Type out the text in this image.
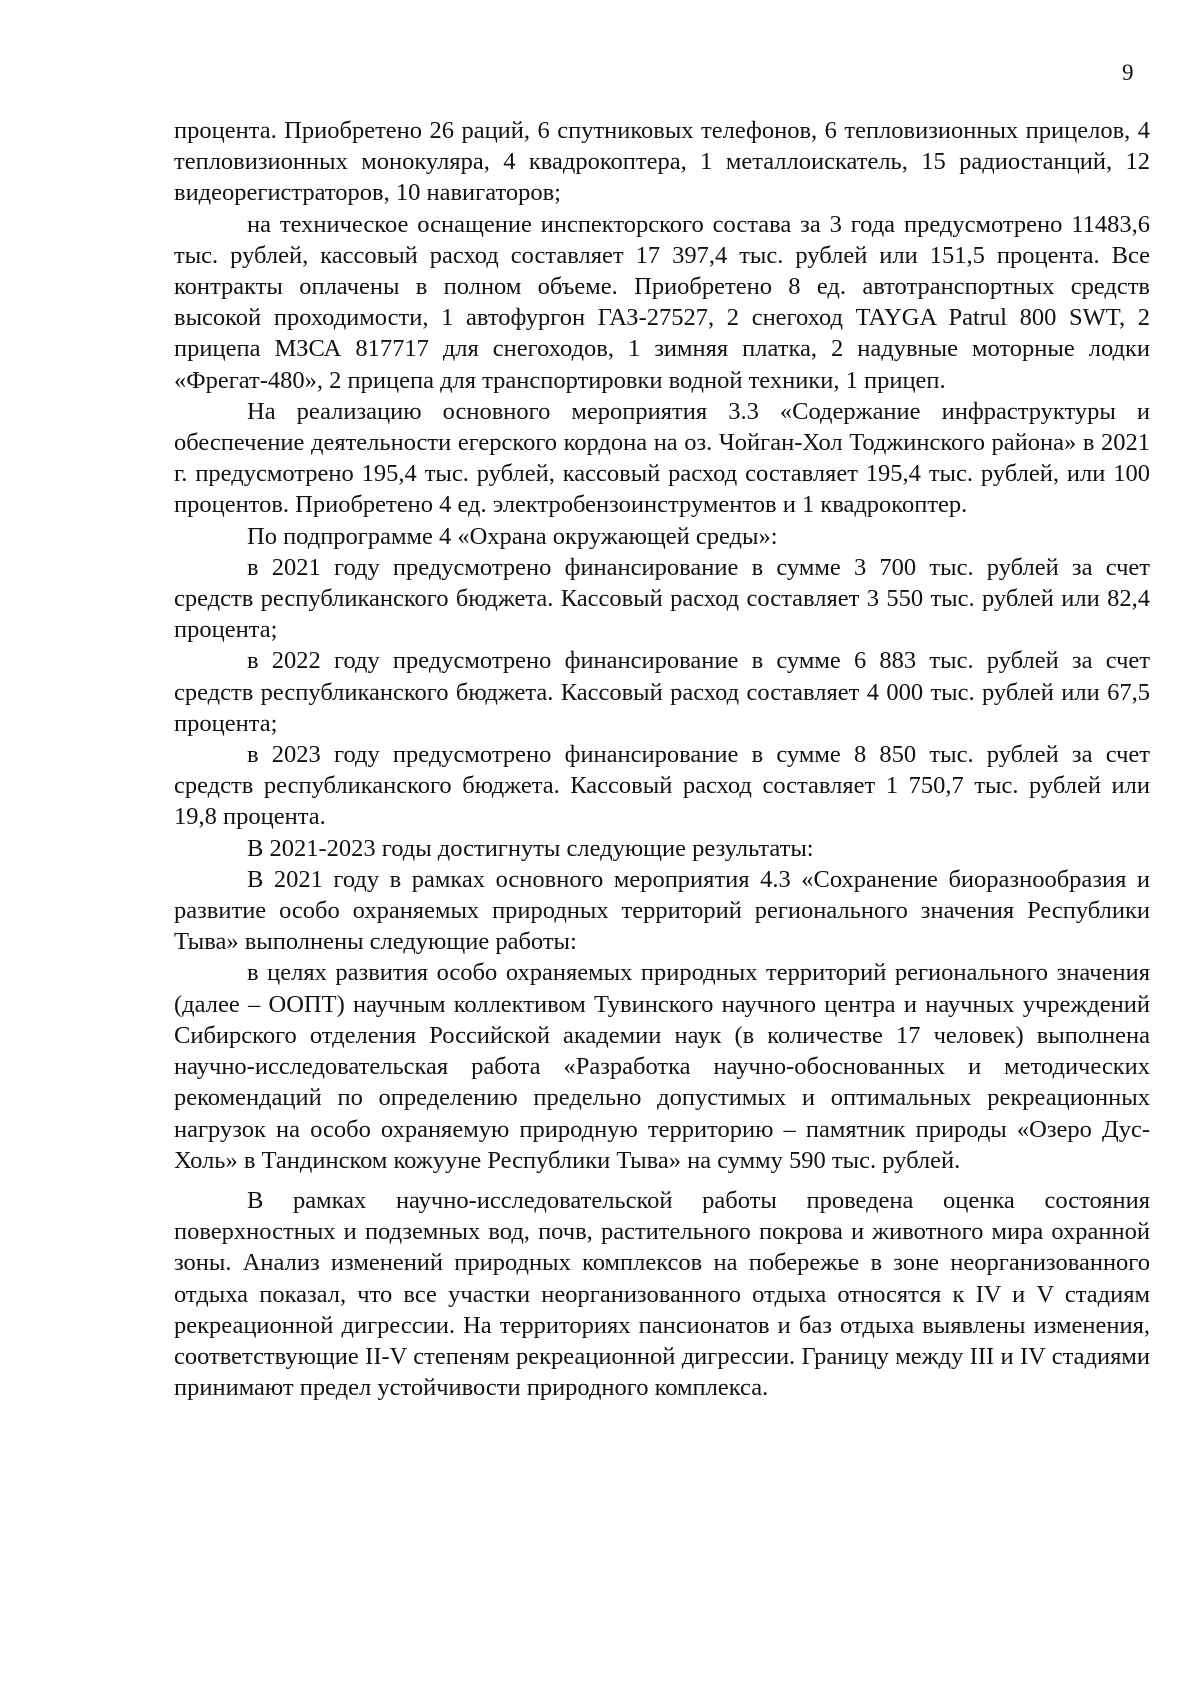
9

процента. Приобретено 26 раций, 6 спутниковых телефонов, 6 тепловизионных прицелов, 4 тепловизионных монокуляра, 4 квадрокоптера, 1 металлоискатель, 15 радиостанций, 12 видеорегистраторов, 10 навигаторов;

на техническое оснащение инспекторского состава за 3 года предусмотрено 11483,6 тыс. рублей, кассовый расход составляет 17 397,4 тыс. рублей или 151,5 процента. Все контракты оплачены в полном объеме. Приобретено 8 ед. автотранспортных средств высокой проходимости, 1 автофургон ГАЗ-27527, 2 снегоход TAYGA Patrul 800 SWT, 2 прицепа МЗСА 817717 для снегоходов, 1 зимняя платка, 2 надувные моторные лодки «Фрегат-480», 2 прицепа для транспортировки водной техники, 1 прицеп.

На реализацию основного мероприятия 3.3 «Содержание инфраструктуры и обеспечение деятельности егерского кордона на оз. Чойган-Хол Тоджинского района» в 2021 г. предусмотрено 195,4 тыс. рублей, кассовый расход составляет 195,4 тыс. рублей, или 100 процентов. Приобретено 4 ед. электробензоинструментов и 1 квадрокоптер.

По подпрограмме 4 «Охрана окружающей среды»:

в 2021 году предусмотрено финансирование в сумме 3 700 тыс. рублей за счет средств республиканского бюджета. Кассовый расход составляет 3 550 тыс. рублей или 82,4 процента;

в 2022 году предусмотрено финансирование в сумме 6 883 тыс. рублей за счет средств республиканского бюджета. Кассовый расход составляет 4 000 тыс. рублей или 67,5 процента;

в 2023 году предусмотрено финансирование в сумме 8 850 тыс. рублей за счет средств республиканского бюджета. Кассовый расход составляет 1 750,7 тыс. рублей или 19,8 процента.

В 2021-2023 годы достигнуты следующие результаты:

В 2021 году в рамках основного мероприятия 4.3 «Сохранение биоразнообразия и развитие особо охраняемых природных территорий регионального значения Республики Тыва» выполнены следующие работы:

в целях развития особо охраняемых природных территорий регионального значения (далее – ООПТ) научным коллективом Тувинского научного центра и научных учреждений Сибирского отделения Российской академии наук (в количестве 17 человек) выполнена научно-исследовательская работа «Разработка научно-обоснованных и методических рекомендаций по определению предельно допустимых и оптимальных рекреационных нагрузок на особо охраняемую природную территорию – памятник природы «Озеро Дус-Холь» в Тандинском кожууне Республики Тыва» на сумму 590 тыс. рублей.

В рамках научно-исследовательской работы проведена оценка состояния поверхностных и подземных вод, почв, растительного покрова и животного мира охранной зоны. Анализ изменений природных комплексов на побережье в зоне неорганизованного отдыха показал, что все участки неорганизованного отдыха относятся к IV и V стадиям рекреационной дигрессии. На территориях пансионатов и баз отдыха выявлены изменения, соответствующие II-V степеням рекреационной дигрессии. Границу между III и IV стадиями принимают предел устойчивости природного комплекса.
